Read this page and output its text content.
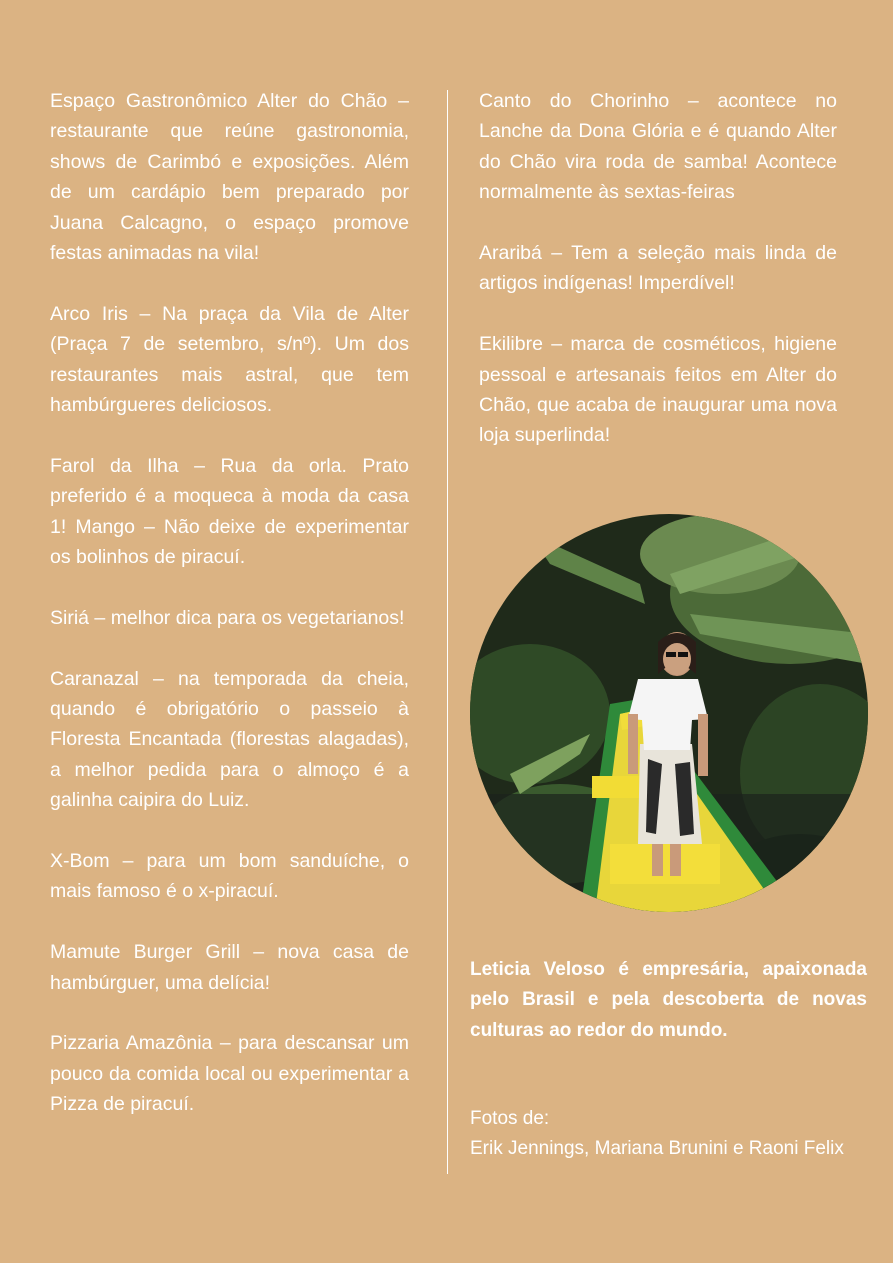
Espaço Gastronômico Alter do Chão – restaurante que reúne gastronomia, shows de Carimbó e exposições. Além de um cardápio bem preparado por Juana Calcagno, o espaço promove festas animadas na vila!

Arco Iris – Na praça da Vila de Alter (Praça 7 de setembro, s/nº). Um dos restaurantes mais astral, que tem hambúrgueres deliciosos.

Farol da Ilha – Rua da orla. Prato preferido é a moqueca à moda da casa 1! Mango – Não deixe de experimentar os bolinhos de piracuí.

Siriá – melhor dica para os vegetarianos!

Caranazal – na temporada da cheia, quando é obrigatório o passeio à Floresta Encantada (florestas alagadas), a melhor pedida para o almoço é a galinha caipira do Luiz.

X-Bom – para um bom sanduíche, o mais famoso é o x-piracuí.

Mamute Burger Grill – nova casa de hambúrguer, uma delícia!

Pizzaria Amazônia – para descansar um pouco da comida local ou experimentar a Pizza de piracuí.

Canto do Chorinho – acontece no Lanche da Dona Glória e é quando Alter do Chão vira roda de samba! Acontece normalmente às sextas-feiras

Araribá – Tem a seleção mais linda de artigos indígenas! Imperdível!

Ekilibre – marca de cosméticos, higiene pessoal e artesanais feitos em Alter do Chão, que acaba de inaugurar uma nova loja superlinda!

Leticia Veloso é empresária, apaixonada pelo Brasil e pela descoberta de novas culturas ao redor do mundo.
Fotos de:
Erik Jennings, Mariana Brunini e Raoni Felix
